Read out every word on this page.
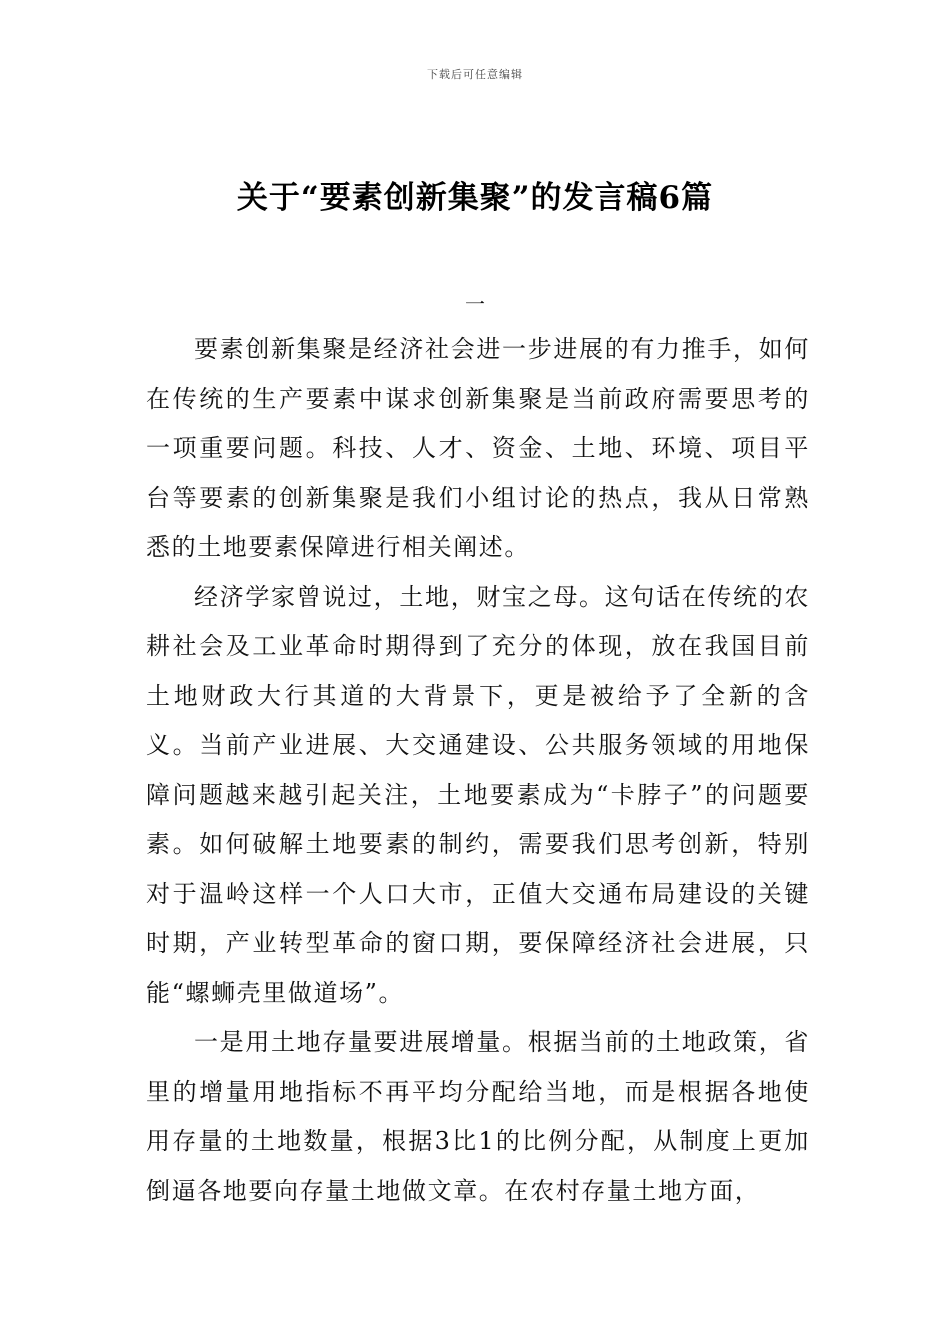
下载后可任意编辑
关于“要素创新集聚”的发言稿6篇
一

要素创新集聚是经济社会进一步进展的有力推手，如何在传统的生产要素中谋求创新集聚是当前政府需要思考的一项重要问题。科技、人才、资金、土地、环境、项目平台等要素的创新集聚是我们小组讨论的热点，我从日常熟悉的土地要素保障进行相关阐述。

经济学家曾说过，土地，财宝之母。这句话在传统的农耕社会及工业革命时期得到了充分的体现，放在我国目前土地财政大行其道的大背景下，更是被给予了全新的含义。当前产业进展、大交通建设、公共服务领域的用地保障问题越来越引起关注，土地要素成为“卡脖子”的问题要素。如何破解土地要素的制约，需要我们思考创新，特别对于温岭这样一个人口大市，正值大交通布局建设的关键时期，产业转型革命的窗口期，要保障经济社会进展，只能“螺蛳壳里做道场”。

一是用土地存量要进展增量。根据当前的土地政策，省里的增量用地指标不再平均分配给当地，而是根据各地使用存量的土地数量，根据3比1的比例分配，从制度上更加倒逼各地要向存量土地做文章。在农村存量土地方面，
